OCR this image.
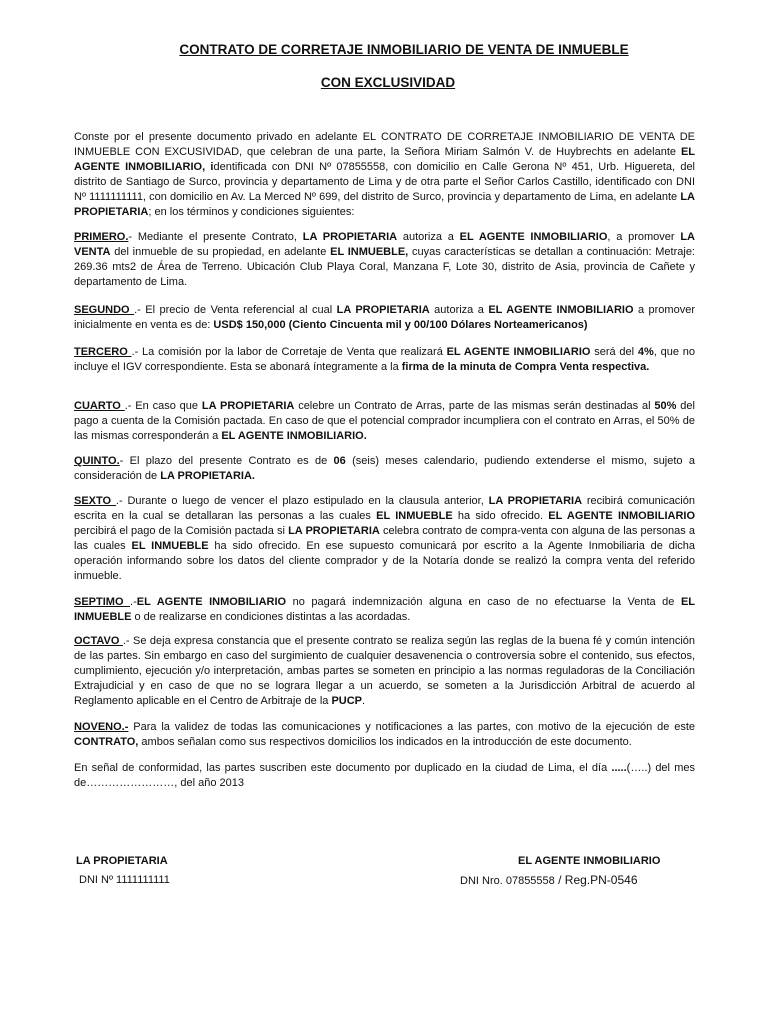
CONTRATO DE CORRETAJE INMOBILIARIO DE VENTA DE INMUEBLE
CON EXCLUSIVIDAD

Conste por el presente documento privado en adelante EL CONTRATO DE CORRETAJE INMOBILIARIO DE VENTA DE INMUEBLE CON EXCUSIVIDAD, que celebran de una parte, la Señora Miriam Salmón V. de Huybrechts en adelante EL AGENTE INMOBILIARIO, identificada con DNI Nº 07855558, con domicilio en Calle Gerona Nº 451, Urb. Higuereta, del distrito de Santiago de Surco, provincia y departamento de Lima y de otra parte el Señor Carlos Castillo, identificado con DNI Nº 1111111111, con domicilio en Av. La Merced Nº 699, del distrito de Surco, provincia y departamento de Lima, en adelante LA PROPIETARIA; en los términos y condiciones siguientes:

PRIMERO.- Mediante el presente Contrato, LA PROPIETARIA autoriza a EL AGENTE INMOBILIARIO, a promover LA VENTA del inmueble de su propiedad, en adelante EL INMUEBLE, cuyas características se detallan a continuación: Metraje: 269.36 mts2 de Área de Terreno. Ubicación Club Playa Coral, Manzana F, Lote 30, distrito de Asia, provincia de Cañete y departamento de Lima.

SEGUNDO .- El precio de Venta referencial al cual LA PROPIETARIA autoriza a EL AGENTE INMOBILIARIO a promover inicialmente en venta es de: USD$ 150,000 (Ciento Cincuenta mil y 00/100 Dólares Norteamericanos)

TERCERO .- La comisión por la labor de Corretaje de Venta que realizará EL AGENTE INMOBILIARIO será del 4%, que no incluye el IGV correspondiente. Esta se abonará íntegramente a la firma de la minuta de Compra Venta respectiva.

CUARTO .- En caso que LA PROPIETARIA celebre un Contrato de Arras, parte de las mismas serán destinadas al 50% del pago a cuenta de la Comisión pactada. En caso de que el potencial comprador incumpliera con el contrato en Arras, el 50% de las mismas corresponderán a EL AGENTE INMOBILIARIO.

QUINTO.- El plazo del presente Contrato es de 06 (seis) meses calendario, pudiendo extenderse el mismo, sujeto a consideración de LA PROPIETARIA.

SEXTO .- Durante o luego de vencer el plazo estipulado en la clausula anterior, LA PROPIETARIA recibirá comunicación escrita en la cual se detallaran las personas a las cuales EL INMUEBLE ha sido ofrecido. EL AGENTE INMOBILIARIO percibirá el pago de la Comisión pactada si LA PROPIETARIA celebra contrato de compra-venta con alguna de las personas a las cuales EL INMUEBLE ha sido ofrecido. En ese supuesto comunicará por escrito a la Agente Inmobiliaria de dicha operación informando sobre los datos del cliente comprador y de la Notaría donde se realizó la compra venta del referido inmueble.

SEPTIMO .-EL AGENTE INMOBILIARIO no pagará indemnización alguna en caso de no efectuarse la Venta de EL INMUEBLE o de realizarse en condiciones distintas a las acordadas.

OCTAVO .- Se deja expresa constancia que el presente contrato se realiza según las reglas de la buena fé y común intención de las partes. Sin embargo en caso del surgimiento de cualquier desavenencia o controversia sobre el contenido, sus efectos, cumplimiento, ejecución y/o interpretación, ambas partes se someten en principio a las normas reguladoras de la Conciliación Extrajudicial y en caso de que no se lograra llegar a un acuerdo, se someten a la Jurisdicción Arbitral de acuerdo al Reglamento aplicable en el Centro de Arbitraje de la PUCP.

NOVENO.- Para la validez de todas las comunicaciones y notificaciones a las partes, con motivo de la ejecución de este CONTRATO, ambos señalan como sus respectivos domicilios los indicados en la introducción de este documento.

En señal de conformidad, las partes suscriben este documento por duplicado en la ciudad de Lima, el día .....(…..) del mes de……………………, del año 2013

LA PROPIETARIA
DNI Nº 1111111111
EL AGENTE INMOBILIARIO
DNI Nro. 07855558 / Reg.PN-0546
